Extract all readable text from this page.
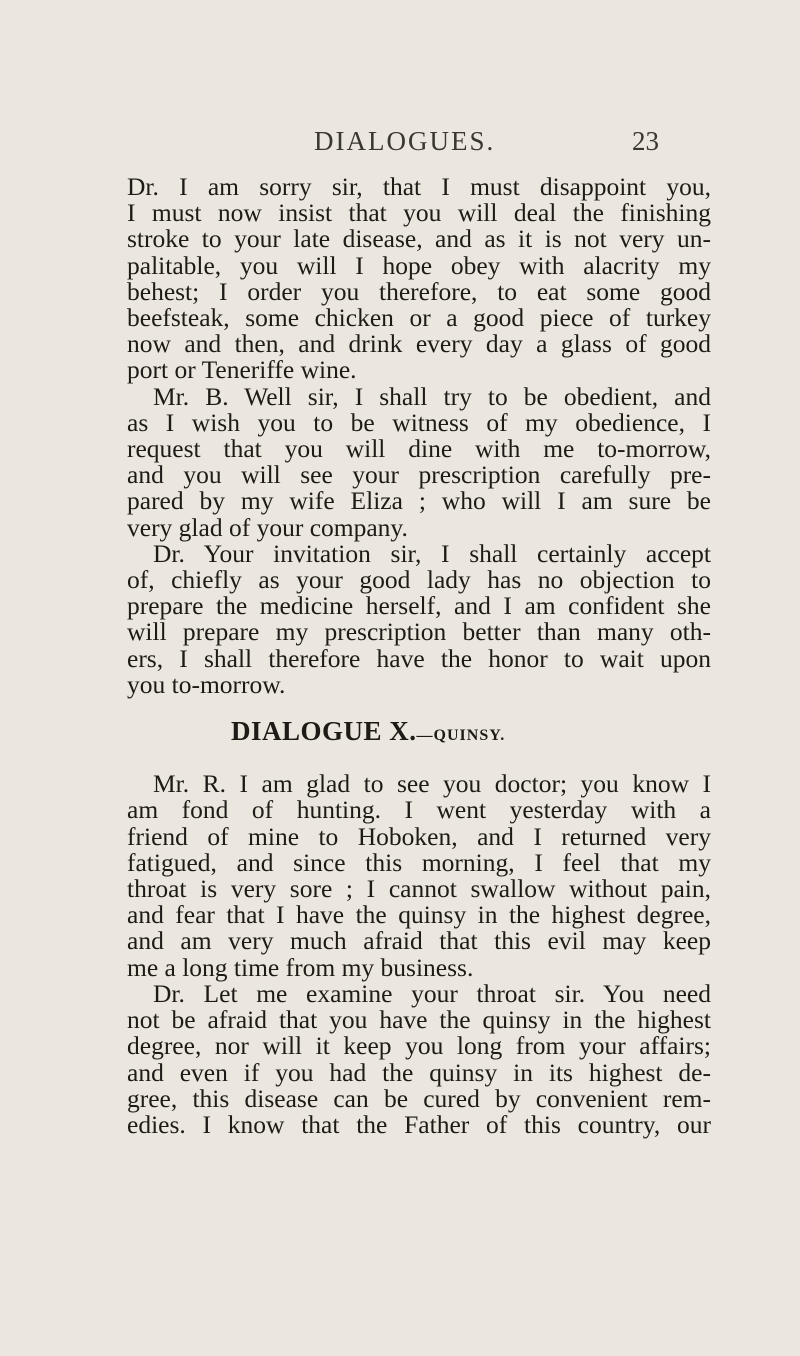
DIALOGUES.	23
Dr. I am sorry sir, that I must disappoint you,
I must now insist that you will deal the finishing
stroke to your late disease, and as it is not very un-
palitable, you will I hope obey with alacrity my
behest; I order you therefore, to eat some good
beefsteak, some chicken or a good piece of turkey
now and then, and drink every day a glass of good
port or Teneriffe wine.
Mr. B. Well sir, I shall try to be obedient, and
as I wish you to be witness of my obedience, I
request that you will dine with me to-morrow,
and you will see your prescription carefully pre-
pared by my wife Eliza ; who will I am sure be
very glad of your company.
Dr. Your invitation sir, I shall certainly accept
of, chiefly as your good lady has no objection to
prepare the medicine herself, and I am confident she
will prepare my prescription better than many oth-
ers, I shall therefore have the honor to wait upon
you to-morrow.
DIALOGUE X.—QUINSY.
Mr. R. I am glad to see you doctor; you know I
am fond of hunting. I went yesterday with a
friend of mine to Hoboken, and I returned very
fatigued, and since this morning, I feel that my
throat is very sore ; I cannot swallow without pain,
and fear that I have the quinsy in the highest degree,
and am very much afraid that this evil may keep
me a long time from my business.
Dr. Let me examine your throat sir. You need
not be afraid that you have the quinsy in the highest
degree, nor will it keep you long from your affairs;
and even if you had the quinsy in its highest de-
gree, this disease can be cured by convenient rem-
edies. I know that the Father of this country, our
